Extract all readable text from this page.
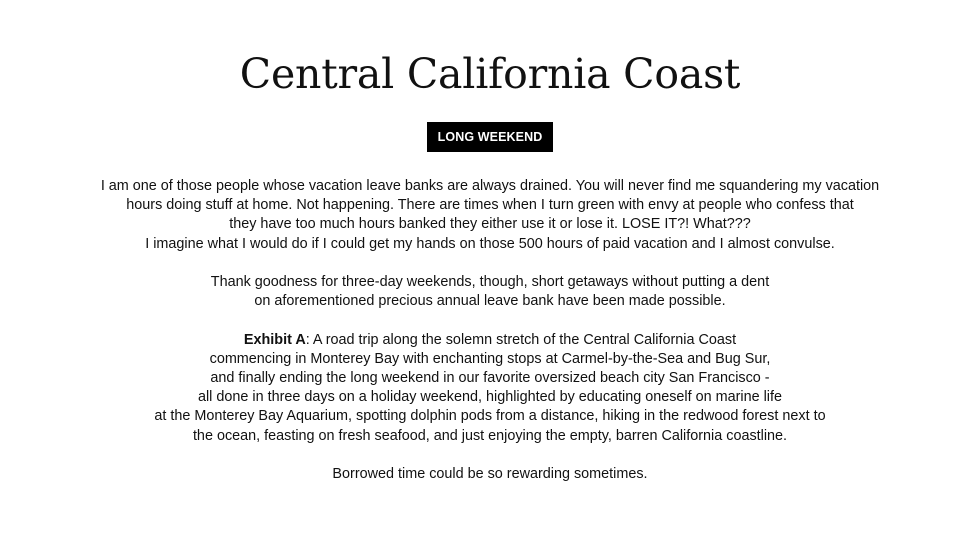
Central California Coast
LONG WEEKEND

I am one of those people whose vacation leave banks are always drained. You will never find me squandering my vacation
hours doing stuff at home. Not happening. There are times when I turn green with envy at people who confess that
they have too much hours banked they either use it or lose it. LOSE IT?! What???
I imagine what I would do if I could get my hands on those 500 hours of paid vacation and I almost convulse.

Thank goodness for three-day weekends, though, short getaways without putting a dent
on aforementioned precious annual leave bank have been made possible.

Exhibit A: A road trip along the solemn stretch of the Central California Coast
commencing in Monterey Bay with enchanting stops at Carmel-by-the-Sea and Bug Sur,
and finally ending the long weekend in our favorite oversized beach city San Francisco -
all done in three days on a holiday weekend, highlighted by educating oneself on marine life
at the Monterey Bay Aquarium, spotting dolphin pods from a distance, hiking in the redwood forest next to
the ocean, feasting on fresh seafood, and just enjoying the empty, barren California coastline.

Borrowed time could be so rewarding sometimes.
